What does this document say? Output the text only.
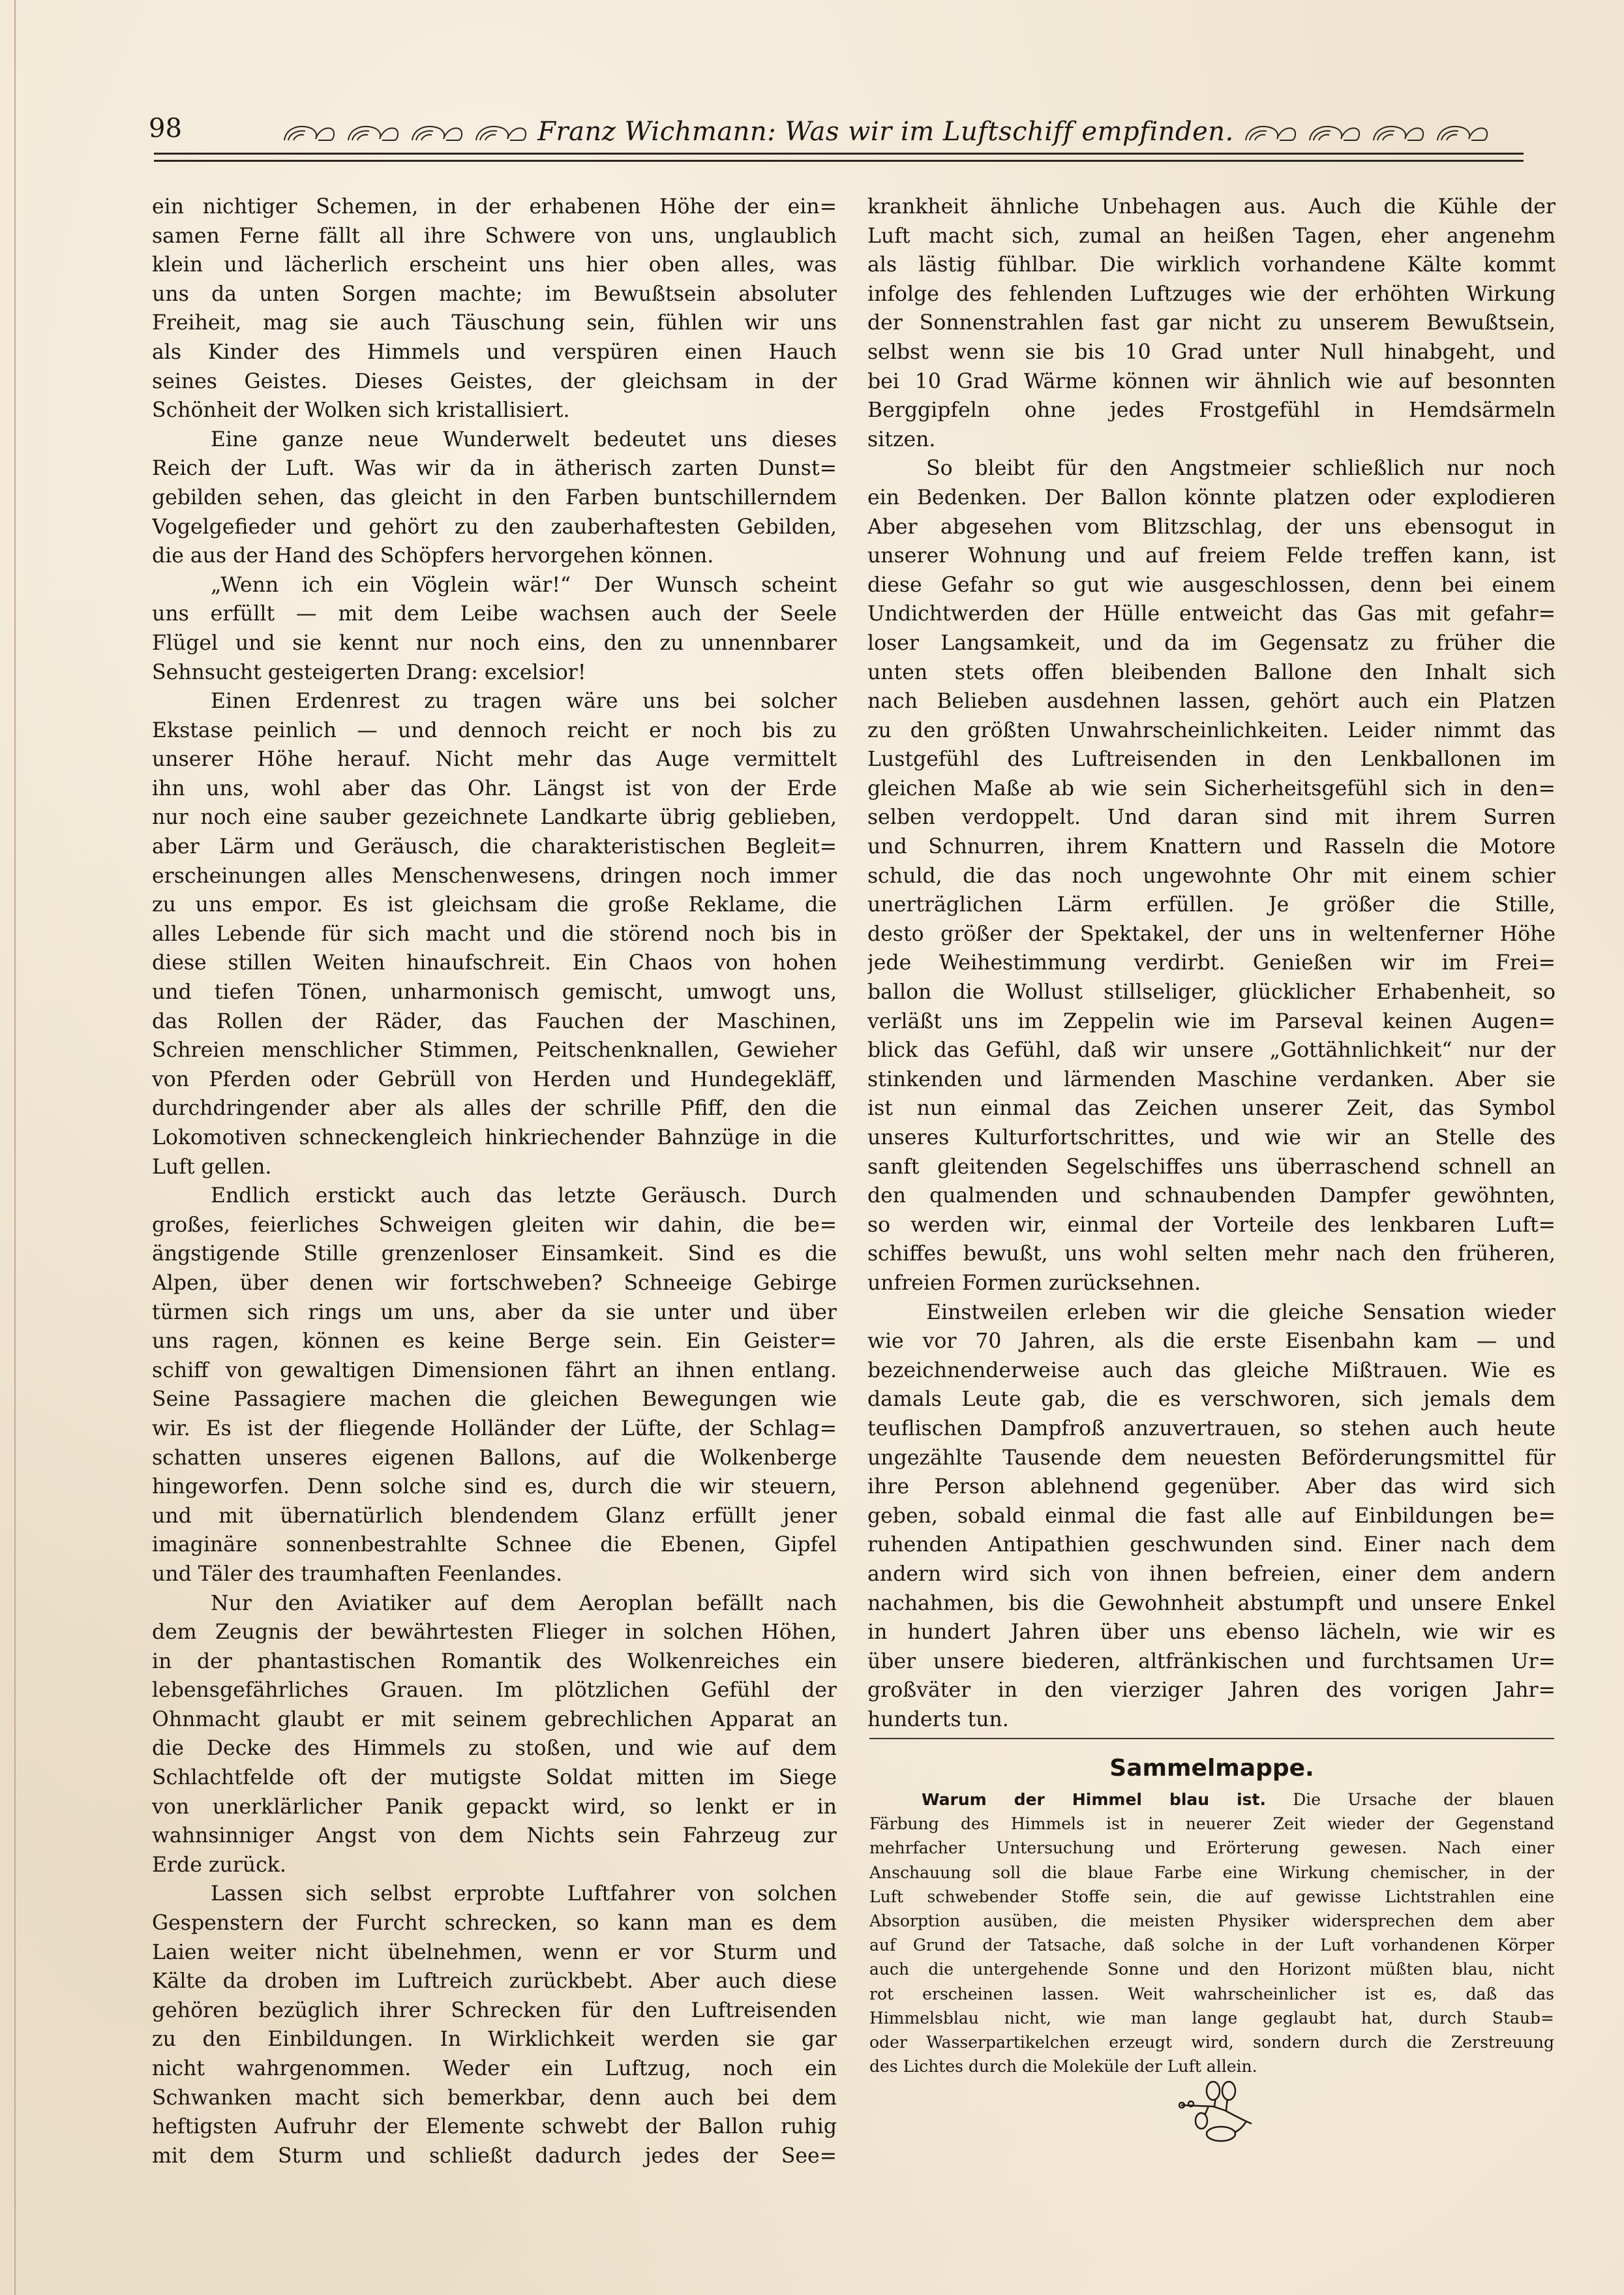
98	Franz Wichmann: Was wir im Luftschiff empfinden.
ein nichtiger Schemen, in der erhabenen Höhe der ein=
samen Ferne fällt all ihre Schwere von uns, unglaublich
klein und lächerlich erscheint uns hier oben alles, was
uns da unten Sorgen machte; im Bewußtsein absoluter
Freiheit, mag sie auch Täuschung sein, fühlen wir uns
als Kinder des Himmels und verspüren einen Hauch
seines Geistes. Dieses Geistes, der gleichsam in der
Schönheit der Wolken sich kristallisiert.
Eine ganze neue Wunderwelt bedeutet uns dieses
Reich der Luft. Was wir da in ätherisch zarten Dunst=
gebilden sehen, das gleicht in den Farben buntschillerndem
Vogelgefieder und gehört zu den zauberhaftesten Gebilden,
die aus der Hand des Schöpfers hervorgehen können.
„Wenn ich ein Vöglein wär!“ Der Wunsch scheint
uns erfüllt — mit dem Leibe wachsen auch der Seele
Flügel und sie kennt nur noch eins, den zu unnennbarer
Sehnsucht gesteigerten Drang: excelsior!
Einen Erdenrest zu tragen wäre uns bei solcher
Ekstase peinlich — und dennoch reicht er noch bis zu
unserer Höhe herauf. Nicht mehr das Auge vermittelt
ihn uns, wohl aber das Ohr. Längst ist von der Erde
nur noch eine sauber gezeichnete Landkarte übrig geblieben,
aber Lärm und Geräusch, die charakteristischen Begleit=
erscheinungen alles Menschenwesens, dringen noch immer
zu uns empor. Es ist gleichsam die große Reklame, die
alles Lebende für sich macht und die störend noch bis in
diese stillen Weiten hinaufschreit. Ein Chaos von hohen
und tiefen Tönen, unharmonisch gemischt, umwogt uns,
das Rollen der Räder, das Fauchen der Maschinen,
Schreien menschlicher Stimmen, Peitschenknallen, Gewieher
von Pferden oder Gebrüll von Herden und Hundegekläff,
durchdringender aber als alles der schrille Pfiff, den die
Lokomotiven schneckengleich hinkriechender Bahnzüge in die
Luft gellen.
Endlich erstickt auch das letzte Geräusch. Durch
großes, feierliches Schweigen gleiten wir dahin, die be=
ängstigende Stille grenzenloser Einsamkeit. Sind es die
Alpen, über denen wir fortschweben? Schneeige Gebirge
türmen sich rings um uns, aber da sie unter und über
uns ragen, können es keine Berge sein. Ein Geister=
schiff von gewaltigen Dimensionen fährt an ihnen entlang.
Seine Passagiere machen die gleichen Bewegungen wie
wir. Es ist der fliegende Holländer der Lüfte, der Schlag=
schatten unseres eigenen Ballons, auf die Wolkenberge
hingeworfen. Denn solche sind es, durch die wir steuern,
und mit übernatürlich blendendem Glanz erfüllt jener
imaginäre sonnenbestrahlte Schnee die Ebenen, Gipfel
und Täler des traumhaften Feenlandes.
Nur den Aviatiker auf dem Aeroplan befällt nach
dem Zeugnis der bewährtesten Flieger in solchen Höhen,
in der phantastischen Romantik des Wolkenreiches ein
lebensgefährliches Grauen. Im plötzlichen Gefühl der
Ohnmacht glaubt er mit seinem gebrechlichen Apparat an
die Decke des Himmels zu stoßen, und wie auf dem
Schlachtfelde oft der mutigste Soldat mitten im Siege
von unerklärlicher Panik gepackt wird, so lenkt er in
wahnsinniger Angst von dem Nichts sein Fahrzeug zur
Erde zurück.
Lassen sich selbst erprobte Luftfahrer von solchen
Gespenstern der Furcht schrecken, so kann man es dem
Laien weiter nicht übelnehmen, wenn er vor Sturm und
Kälte da droben im Luftreich zurückbebt. Aber auch diese
gehören bezüglich ihrer Schrecken für den Luftreisenden
zu den Einbildungen. In Wirklichkeit werden sie gar
nicht wahrgenommen. Weder ein Luftzug, noch ein
Schwanken macht sich bemerkbar, denn auch bei dem
heftigsten Aufruhr der Elemente schwebt der Ballon ruhig
mit dem Sturm und schließt dadurch jedes der See=
krankheit ähnliche Unbehagen aus. Auch die Kühle der
Luft macht sich, zumal an heißen Tagen, eher angenehm
als lästig fühlbar. Die wirklich vorhandene Kälte kommt
infolge des fehlenden Luftzuges wie der erhöhten Wirkung
der Sonnenstrahlen fast gar nicht zu unserem Bewußtsein,
selbst wenn sie bis 10 Grad unter Null hinabgeht, und
bei 10 Grad Wärme können wir ähnlich wie auf besonnten
Berggipfeln ohne jedes Frostgefühl in Hemdsärmeln
sitzen.
So bleibt für den Angstmeier schließlich nur noch
ein Bedenken. Der Ballon könnte platzen oder explodieren
Aber abgesehen vom Blitzschlag, der uns ebensogut in
unserer Wohnung und auf freiem Felde treffen kann, ist
diese Gefahr so gut wie ausgeschlossen, denn bei einem
Undichtwerden der Hülle entweicht das Gas mit gefahr=
loser Langsamkeit, und da im Gegensatz zu früher die
unten stets offen bleibenden Ballone den Inhalt sich
nach Belieben ausdehnen lassen, gehört auch ein Platzen
zu den größten Unwahrscheinlichkeiten. Leider nimmt das
Lustgefühl des Luftreisenden in den Lenkballonen im
gleichen Maße ab wie sein Sicherheitsgefühl sich in den=
selben verdoppelt. Und daran sind mit ihrem Surren
und Schnurren, ihrem Knattern und Rasseln die Motore
schuld, die das noch ungewohnte Ohr mit einem schier
unerträglichen Lärm erfüllen. Je größer die Stille,
desto größer der Spektakel, der uns in weltenferner Höhe
jede Weihestimmung verdirbt. Genießen wir im Frei=
ballon die Wollust stillseliger, glücklicher Erhabenheit, so
verläßt uns im Zeppelin wie im Parseval keinen Augen=
blick das Gefühl, daß wir unsere „Gottähnlichkeit“ nur der
stinkenden und lärmenden Maschine verdanken. Aber sie
ist nun einmal das Zeichen unserer Zeit, das Symbol
unseres Kulturfortschrittes, und wie wir an Stelle des
sanft gleitenden Segelschiffes uns überraschend schnell an
den qualmenden und schnaubenden Dampfer gewöhnten,
so werden wir, einmal der Vorteile des lenkbaren Luft=
schiffes bewußt, uns wohl selten mehr nach den früheren,
unfreien Formen zurücksehnen.
Einstweilen erleben wir die gleiche Sensation wieder
wie vor 70 Jahren, als die erste Eisenbahn kam — und
bezeichnenderweise auch das gleiche Mißtrauen. Wie es
damals Leute gab, die es verschworen, sich jemals dem
teuflischen Dampfroß anzuvertrauen, so stehen auch heute
ungezählte Tausende dem neuesten Beförderungsmittel für
ihre Person ablehnend gegenüber. Aber das wird sich
geben, sobald einmal die fast alle auf Einbildungen be=
ruhenden Antipathien geschwunden sind. Einer nach dem
andern wird sich von ihnen befreien, einer dem andern
nachahmen, bis die Gewohnheit abstumpft und unsere Enkel
in hundert Jahren über uns ebenso lächeln, wie wir es
über unsere biederen, altfränkischen und furchtsamen Ur=
großväter in den vierziger Jahren des vorigen Jahr=
hunderts tun.
Sammelmappe.
Warum der Himmel blau ist. Die Ursache der blauen
Färbung des Himmels ist in neuerer Zeit wieder der Gegenstand
mehrfacher Untersuchung und Erörterung gewesen. Nach einer
Anschauung soll die blaue Farbe eine Wirkung chemischer, in der
Luft schwebender Stoffe sein, die auf gewisse Lichtstrahlen eine
Absorption ausüben, die meisten Physiker widersprechen dem aber
auf Grund der Tatsache, daß solche in der Luft vorhandenen Körper
auch die untergehende Sonne und den Horizont müßten blau, nicht
rot erscheinen lassen. Weit wahrscheinlicher ist es, daß das
Himmelsblau nicht, wie man lange geglaubt hat, durch Staub=
oder Wasserpartikelchen erzeugt wird, sondern durch die Zerstreuung
des Lichtes durch die Moleküle der Luft allein.
